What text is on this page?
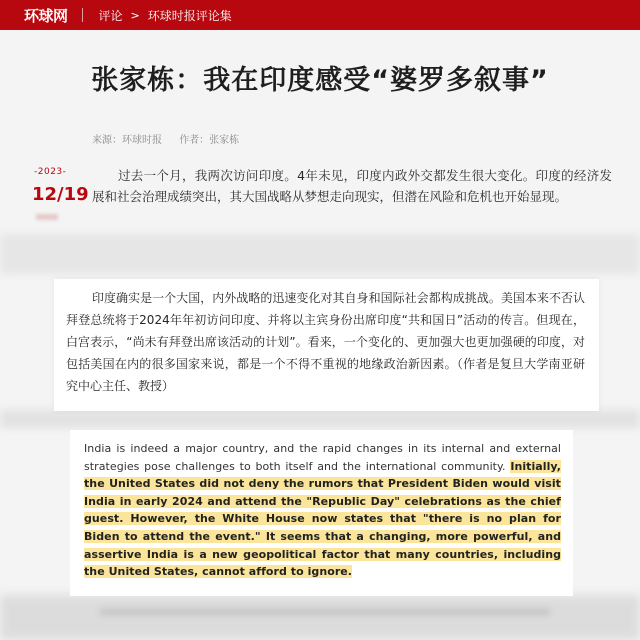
环球网	评论 > 环球时报评论集
张家栋：我在印度感受“婆罗多叙事”
来源：环球时报 作者：张家栋
-2023-
12/19

过去一个月，我两次访问印度。4年未见，印度内政外交都发生很大变化。印度的经济发展和社会治理成绩突出，其大国战略从梦想走向现实，但潜在风险和危机也开始显现。

印度确实是一个大国，内外战略的迅速变化对其自身和国际社会都构成挑战。美国本来不否认拜登总统将于2024年年初访问印度、并将以主宾身份出席印度“共和国日”活动的传言。但现在，白宫表示，“尚未有拜登出席该活动的计划”。看来，一个变化的、更加强大也更加强硬的印度，对包括美国在内的很多国家来说，都是一个不得不重视的地缘政治新因素。（作者是复旦大学南亚研究中心主任、教授）

India is indeed a major country, and the rapid changes in its internal and external strategies pose challenges to both itself and the international community. Initially, the United States did not deny the rumors that President Biden would visit India in early 2024 and attend the "Republic Day" celebrations as the chief guest. However, the White House now states that "there is no plan for Biden to attend the event." It seems that a changing, more powerful, and assertive India is a new geopolitical factor that many countries, including the United States, cannot afford to ignore.
